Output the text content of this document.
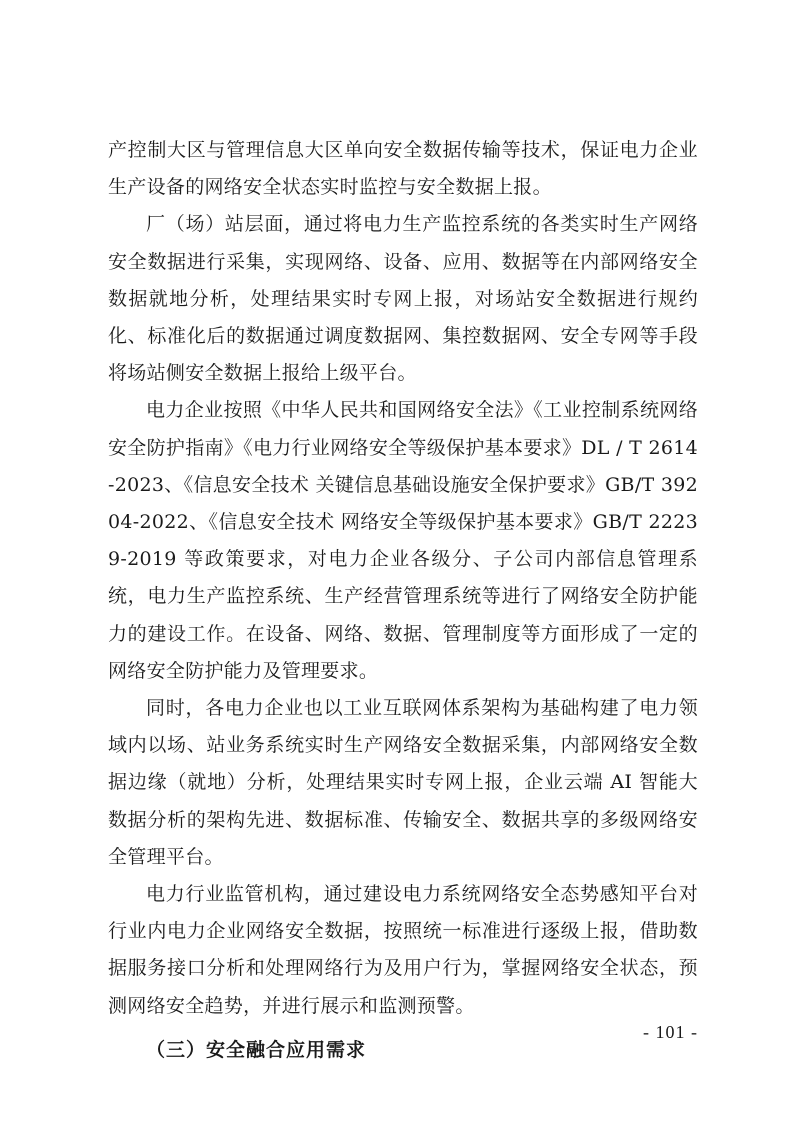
产控制大区与管理信息大区单向安全数据传输等技术，保证电力企业生产设备的网络安全状态实时监控与安全数据上报。

厂（场）站层面，通过将电力生产监控系统的各类实时生产网络安全数据进行采集，实现网络、设备、应用、数据等在内部网络安全数据就地分析，处理结果实时专网上报，对场站安全数据进行规约化、标准化后的数据通过调度数据网、集控数据网、安全专网等手段将场站侧安全数据上报给上级平台。

电力企业按照《中华人民共和国网络安全法》《工业控制系统网络安全防护指南》《电力行业网络安全等级保护基本要求》DL / T 2614-2023、《信息安全技术 关键信息基础设施安全保护要求》GB/T 39204-2022、《信息安全技术 网络安全等级保护基本要求》GB/T 22239-2019 等政策要求，对电力企业各级分、子公司内部信息管理系统，电力生产监控系统、生产经营管理系统等进行了网络安全防护能力的建设工作。在设备、网络、数据、管理制度等方面形成了一定的网络安全防护能力及管理要求。

同时，各电力企业也以工业互联网体系架构为基础构建了电力领域内以场、站业务系统实时生产网络安全数据采集，内部网络安全数据边缘（就地）分析，处理结果实时专网上报，企业云端 AI 智能大数据分析的架构先进、数据标准、传输安全、数据共享的多级网络安全管理平台。

电力行业监管机构，通过建设电力系统网络安全态势感知平台对行业内电力企业网络安全数据，按照统一标准进行逐级上报，借助数据服务接口分析和处理网络行为及用户行为，掌握网络安全状态，预测网络安全趋势，并进行展示和监测预警。

（三）安全融合应用需求
- 101 -
